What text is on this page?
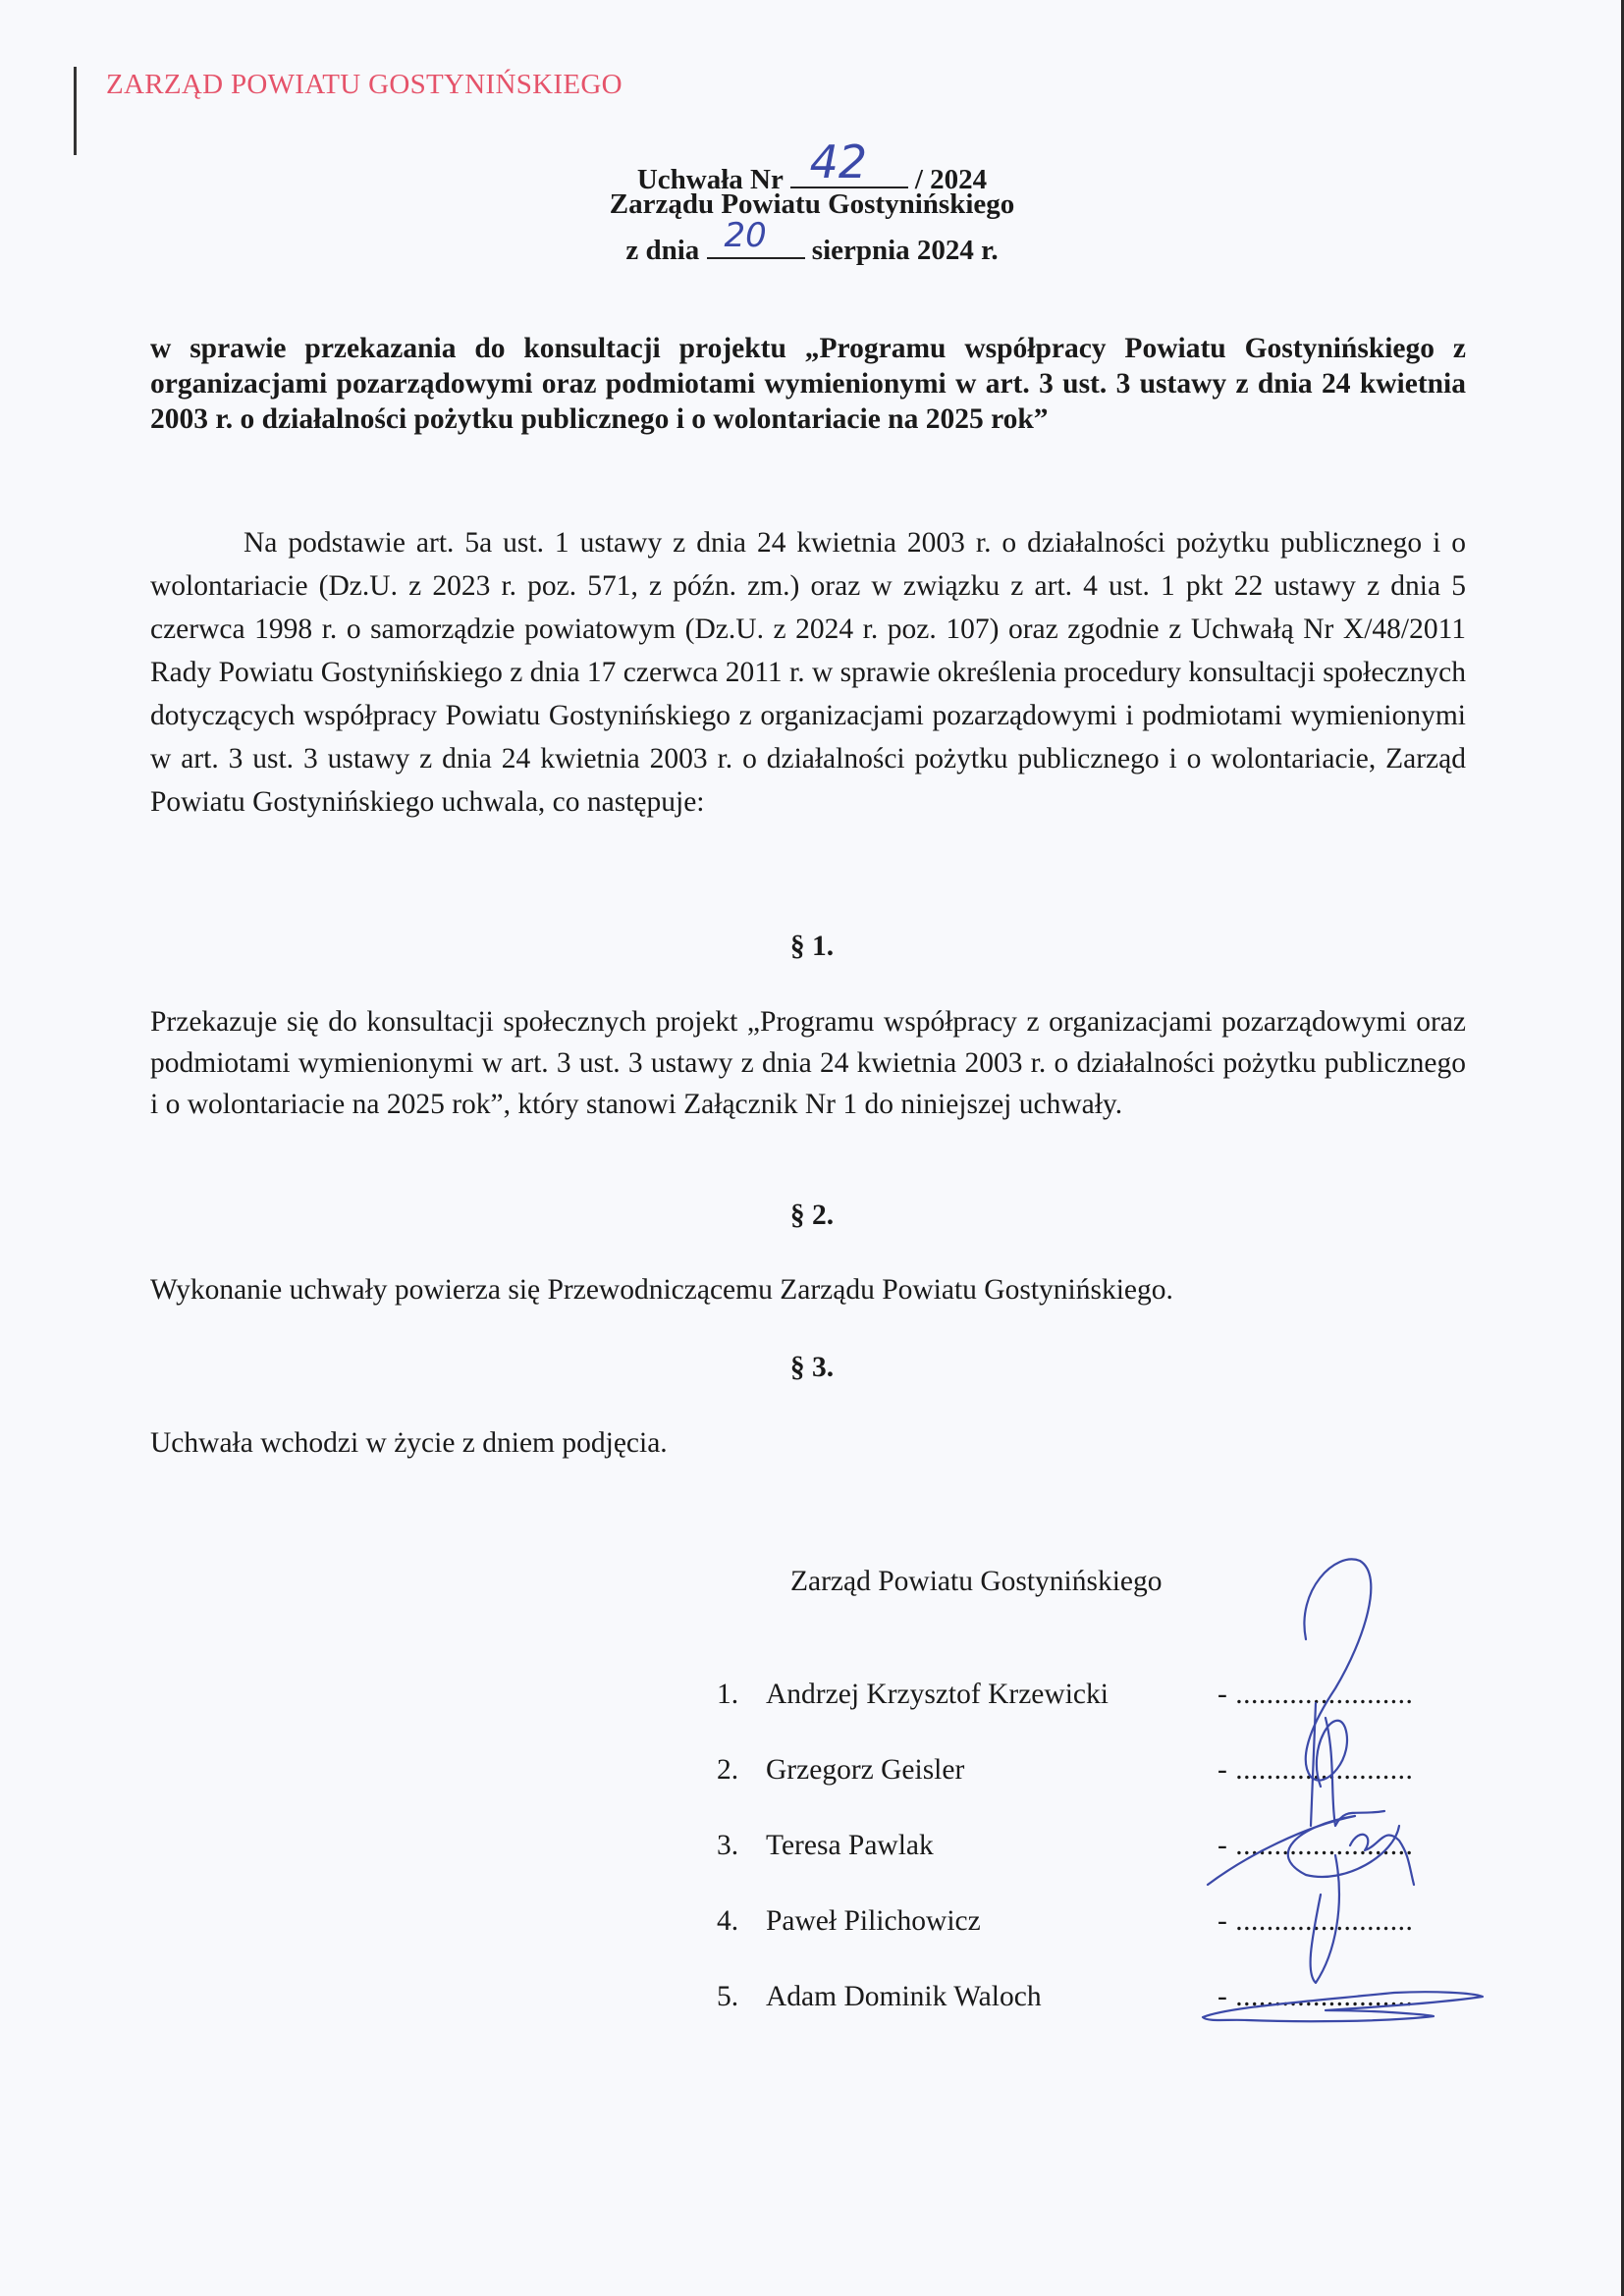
ZARZĄD POWIATU GOSTYNIŃSKIEGO
Uchwała Nr 42 / 2024
Zarządu Powiatu Gostynińskiego
z dnia 20 sierpnia 2024 r.
w sprawie przekazania do konsultacji projektu „Programu współpracy Powiatu Gostynińskiego z organizacjami pozarządowymi oraz podmiotami wymienionymi w art. 3 ust. 3 ustawy z dnia 24 kwietnia 2003 r. o działalności pożytku publicznego i o wolontariacie na 2025 rok”
Na podstawie art. 5a ust. 1 ustawy z dnia 24 kwietnia 2003 r. o działalności pożytku publicznego i o wolontariacie (Dz.U. z 2023 r. poz. 571, z późn. zm.) oraz w związku z art. 4 ust. 1 pkt 22 ustawy z dnia 5 czerwca 1998 r. o samorządzie powiatowym (Dz.U. z 2024 r. poz. 107) oraz zgodnie z Uchwałą Nr X/48/2011 Rady Powiatu Gostynińskiego z dnia 17 czerwca 2011 r. w sprawie określenia procedury konsultacji społecznych dotyczących współpracy Powiatu Gostynińskiego z organizacjami pozarządowymi i podmiotami wymienionymi w art. 3 ust. 3 ustawy z dnia 24 kwietnia 2003 r. o działalności pożytku publicznego i o wolontariacie, Zarząd Powiatu Gostynińskiego uchwala, co następuje:
§ 1.
Przekazuje się do konsultacji społecznych projekt „Programu współpracy z organizacjami pozarządowymi oraz podmiotami wymienionymi w art. 3 ust. 3 ustawy z dnia 24 kwietnia 2003 r. o działalności pożytku publicznego i o wolontariacie na 2025 rok”, który stanowi Załącznik Nr 1 do niniejszej uchwały.
§ 2.
Wykonanie uchwały powierza się Przewodniczącemu Zarządu Powiatu Gostynińskiego.
§ 3.
Uchwała wchodzi w życie z dniem podjęcia.
Zarząd Powiatu Gostynińskiego
1. Andrzej Krzysztof Krzewicki	- .......................
2. Grzegorz Geisler	- .......................
3. Teresa Pawlak	- .......................
4. Paweł Pilichowicz	- .......................
5. Adam Dominik Waloch	- .......................
